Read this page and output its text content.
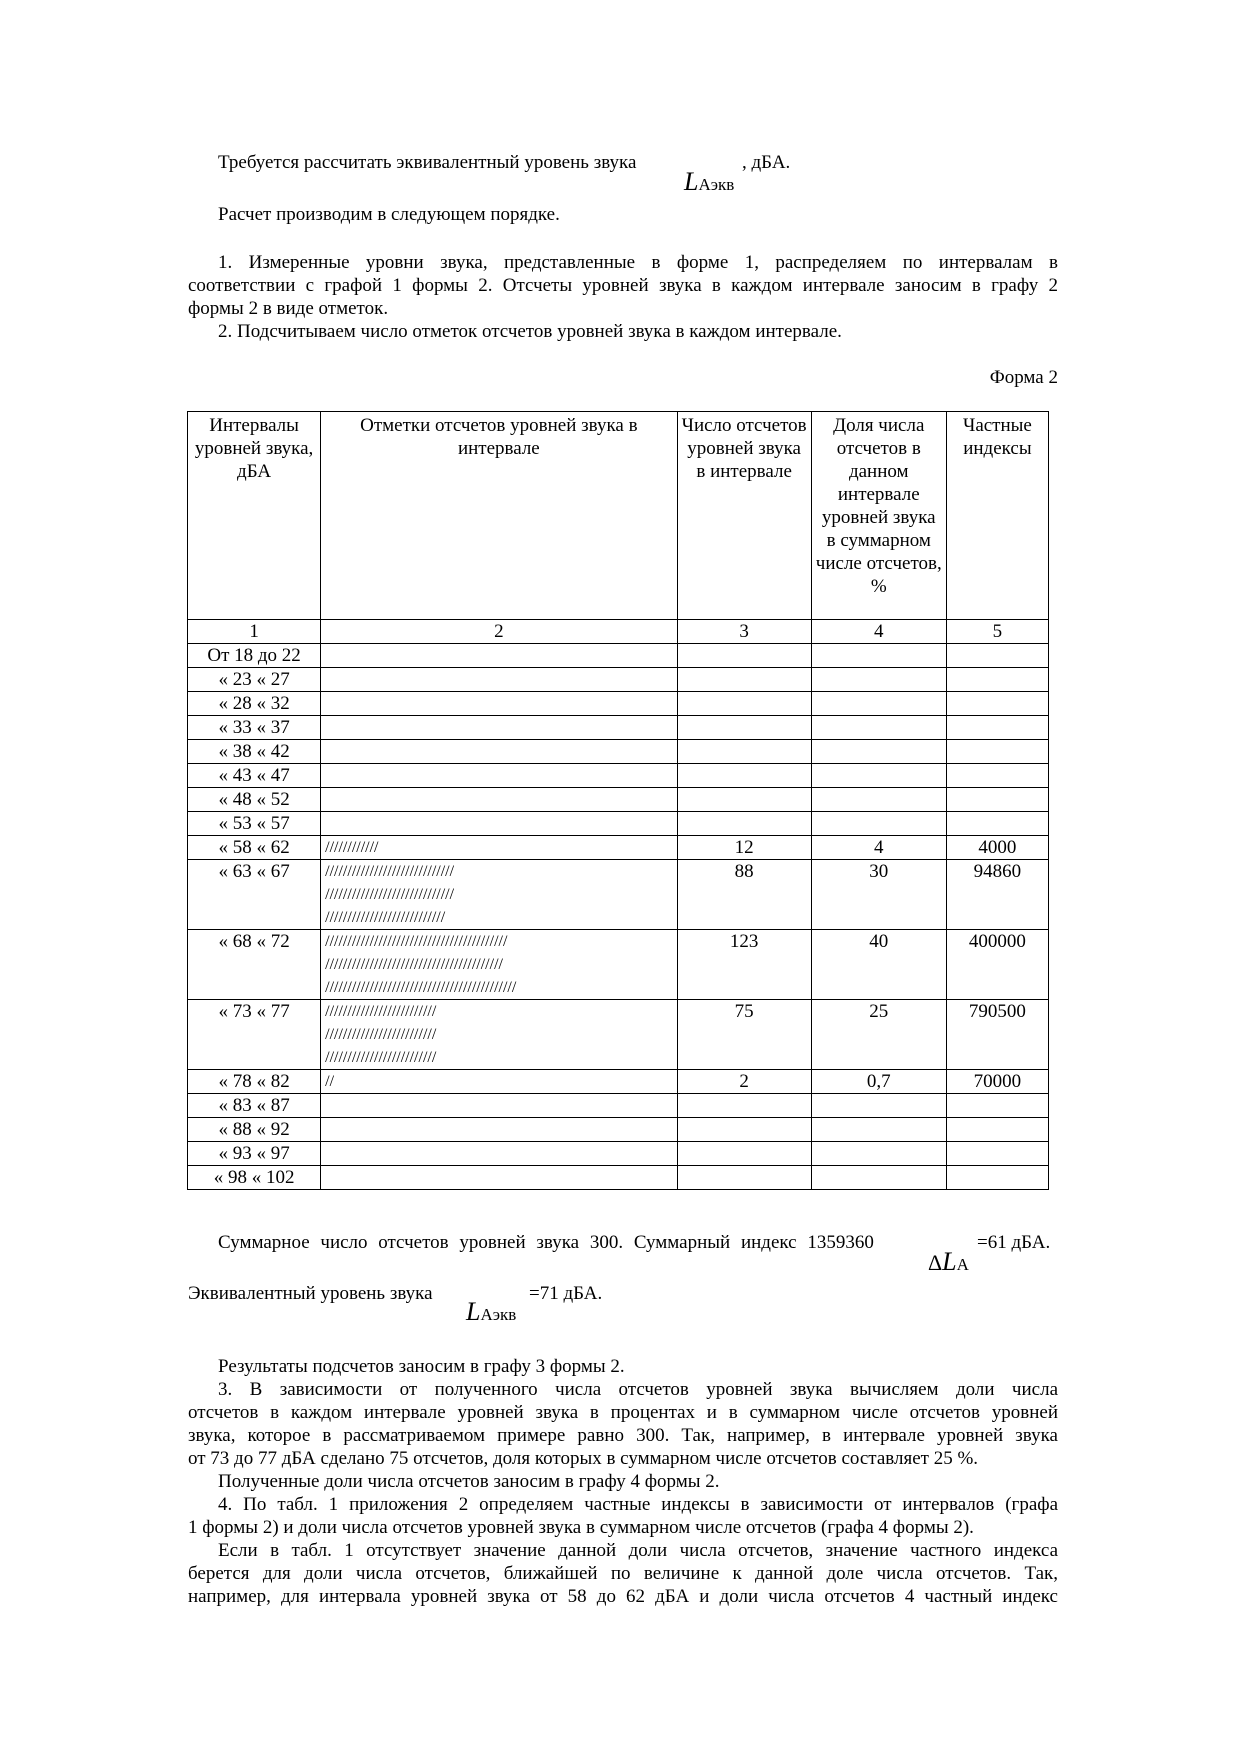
Требуется рассчитать эквивалентный уровень звука	, дБА.
LАэкв
Расчет производим в следующем порядке.
1. Измеренные уровни звука, представленные в форме 1, распределяем по интервалам в
соответствии с графой 1 формы 2. Отсчеты уровней звука в каждом интервале заносим в графу 2
формы 2 в виде отметок.
2. Подсчитываем число отметок отсчетов уровней звука в каждом интервале.
Форма 2
Интервалы уровней звука, дБА	Отметки отсчетов уровней звука в интервале	Число отсчетов уровней звука в интервале	Доля числа отсчетов в данном интервале уровней звука в суммарном числе отсчетов, %	Частные индексы
1	2	3	4	5
От 18 до 22				
« 23 « 27				
« 28 « 32				
« 33 « 37				
« 38 « 42				
« 43 « 47				
« 48 « 52				
« 53 « 57				
« 58 « 62	////////////	12	4	4000
« 63 « 67	/////////////////////////////
/////////////////////////////
///////////////////////////	88	30	94860
« 68 « 72	/////////////////////////////////////////
////////////////////////////////////////
///////////////////////////////////////////	123	40	400000
« 73 « 77	/////////////////////////
/////////////////////////
/////////////////////////	75	25	790500
« 78 « 82	//	2	0,7	70000
« 83 « 87				
« 88 « 92				
« 93 « 97				
« 98 « 102				
Суммарное число отсчетов уровней звука 300. Суммарный индекс 1359360	=61 дБА.
ΔLА
Эквивалентный уровень звука	=71 дБА.
LАэкв
Результаты подсчетов заносим в графу 3 формы 2.
3. В зависимости от полученного числа отсчетов уровней звука вычисляем доли числа
отсчетов в каждом интервале уровней звука в процентах и в суммарном числе отсчетов уровней
звука, которое в рассматриваемом примере равно 300. Так, например, в интервале уровней звука
от 73 до 77 дБА сделано 75 отсчетов, доля которых в суммарном числе отсчетов составляет 25 %.
Полученные доли числа отсчетов заносим в графу 4 формы 2.
4. По табл. 1 приложения 2 определяем частные индексы в зависимости от интервалов (графа
1 формы 2) и доли числа отсчетов уровней звука в суммарном числе отсчетов (графа 4 формы 2).
Если в табл. 1 отсутствует значение данной доли числа отсчетов, значение частного индекса
берется для доли числа отсчетов, ближайшей по величине к данной доле числа отсчетов. Так,
например, для интервала уровней звука от 58 до 62 дБА и доли числа отсчетов 4 частный индекс
